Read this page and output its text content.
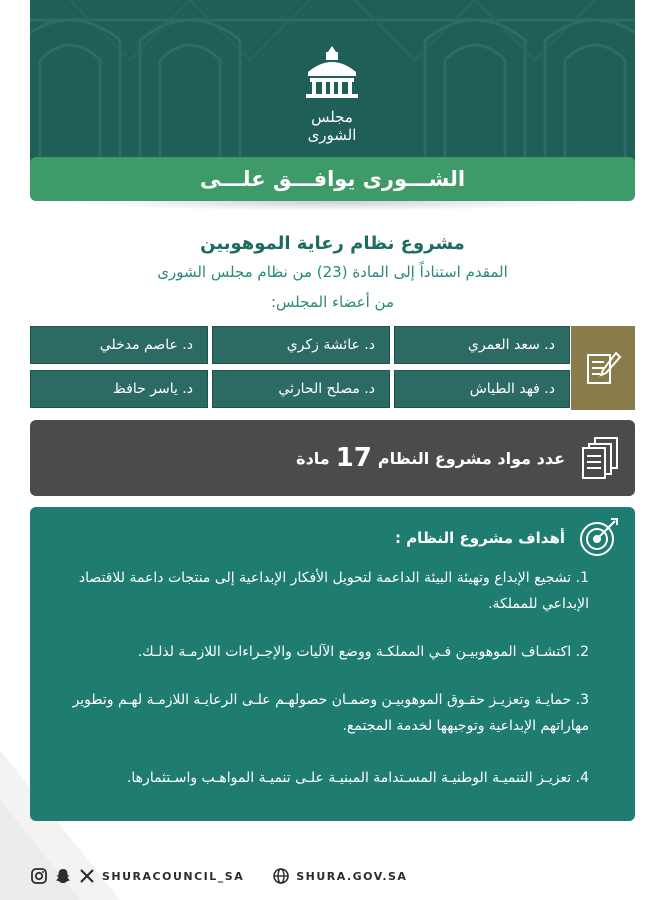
مجلس الشورى
الشـــورى يوافـــق علـــى
مشروع نظام رعاية الموهوبين
المقدم استناداً إلى المادة (23) من نظام مجلس الشورى
من أعضاء المجلس:
د. سعد العمري
د. عائشة زكري
د. عاصم مدخلي
د. فهد الطياش
د. مصلح الحارثي
د. ياسر حافظ
عدد مواد مشروع النظام
17
مادة
أهداف مشروع النظام :
1. تشجيع الإبداع وتهيئة البيئة الداعمة لتحويل الأفكار الإبداعية إلى منتجات داعمة للاقتصاد الإبداعي للمملكة.
2. اكتشـاف الموهوبيـن فـي المملكـة ووضع الآليات والإجـراءات اللازمـة لذلـك.
3. حمايـة وتعزيـز حقـوق الموهوبيـن وضمـان حصولهـم علـى الرعايـة اللازمـة لهـم وتطوير مهاراتهم الإبداعية وتوجيهها لخدمة المجتمع.
4. تعزيـز التنميـة الوطنيـة المسـتدامة المبنيـة علـى تنميـة المواهـب واسـتثمارها.
SHURACOUNCIL_SA	SHURA.GOV.SA
